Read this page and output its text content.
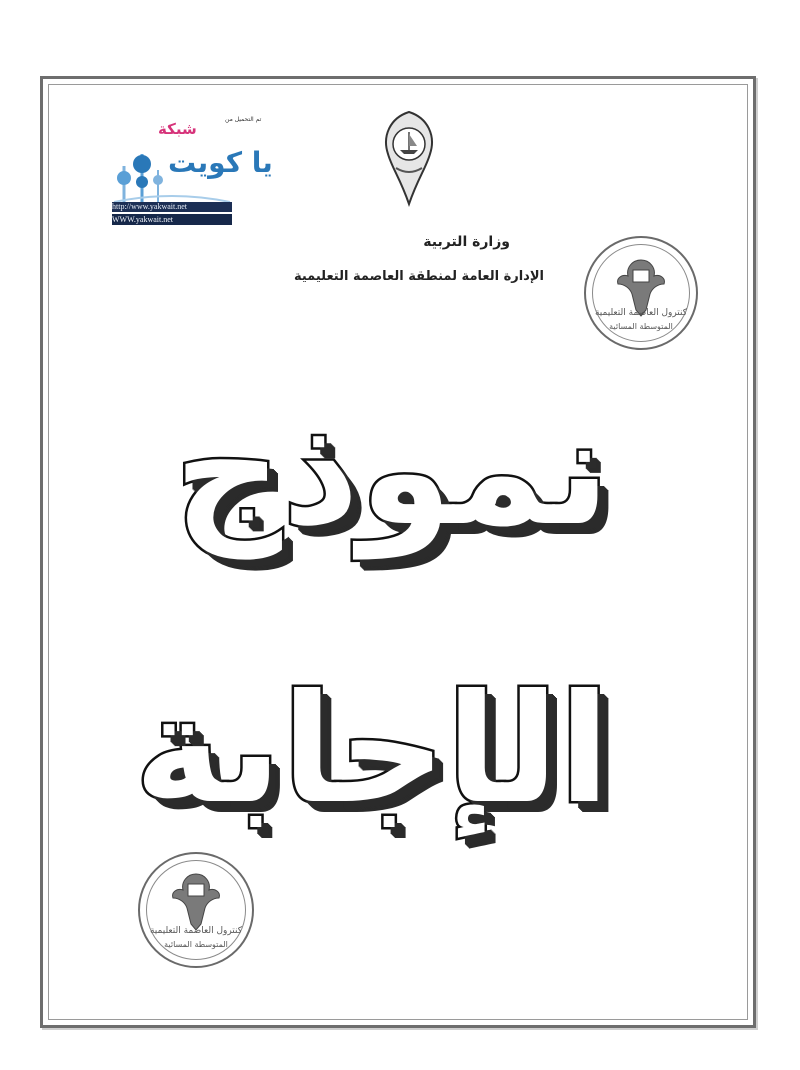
تم التحميل من
شبكة
يا كويت
http://www.yakwait.net
WWW.yakwait.net
وزارة التربية
الإدارة العامة لمنطقة العاصمة التعليمية
كنترول العاصمة التعليمية
المتوسطة المسائية
نموذج
الإجابة
كنترول العاصمة التعليمية
المتوسطة المسائية
